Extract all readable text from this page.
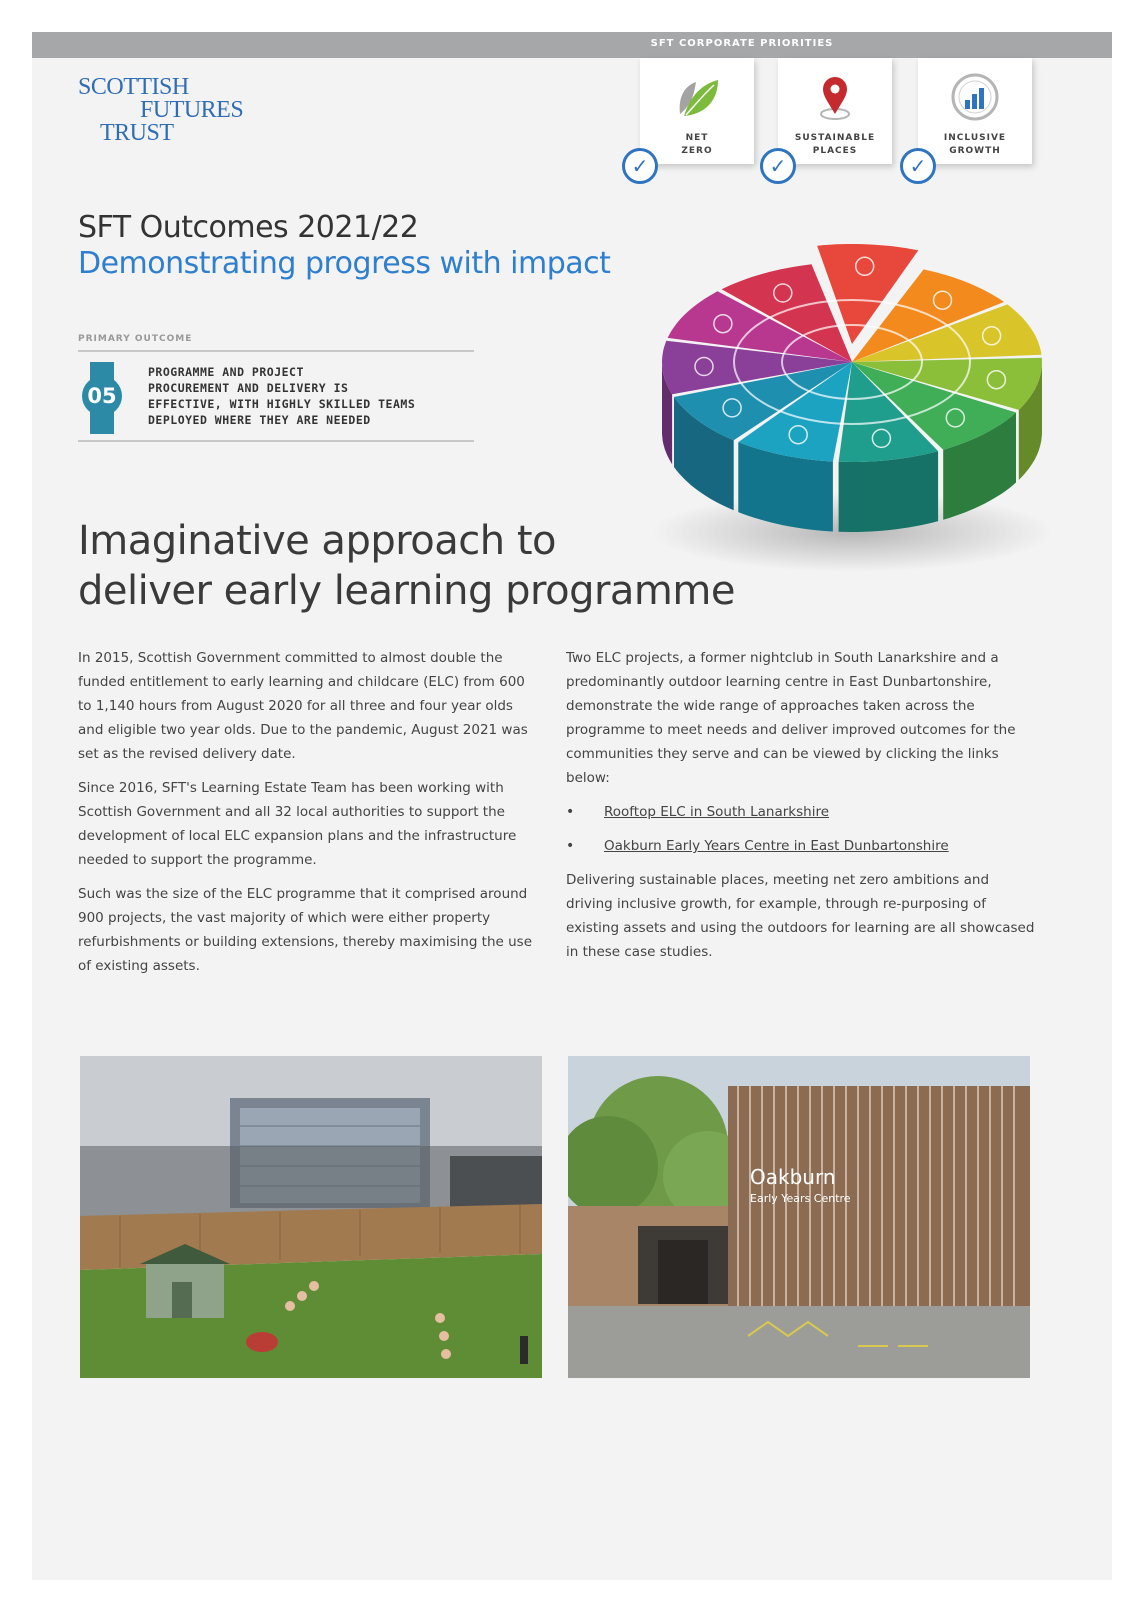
SFT CORPORATE PRIORITIES
SCOTTISH
FUTURES
TRUST	NET
ZERO
✓
SUSTAINABLE
PLACES
✓
INCLUSIVE
GROWTH
✓
SFT Outcomes 2021/22
Demonstrating progress with impact
PRIMARY OUTCOME
05
PROGRAMME AND PROJECT
PROCUREMENT AND DELIVERY IS
EFFECTIVE, WITH HIGHLY SKILLED TEAMS
DEPLOYED WHERE THEY ARE NEEDED
Imaginative approach to
deliver early learning programme

In 2015, Scottish Government committed to almost double the funded entitlement to early learning and childcare (ELC) from 600 to 1,140 hours from August 2020 for all three and four year olds and eligible two year olds. Due to the pandemic, August 2021 was set as the revised delivery date.

Since 2016, SFT's Learning Estate Team has been working with Scottish Government and all 32 local authorities to support the development of local ELC expansion plans and the infrastructure needed to support the programme.

Such was the size of the ELC programme that it comprised around 900 projects, the vast majority of which were either property refurbishments or building extensions, thereby maximising the use of existing assets.

Two ELC projects, a former nightclub in South Lanarkshire and a predominantly outdoor learning centre in East Dunbartonshire, demonstrate the wide range of approaches taken across the programme to meet needs and deliver improved outcomes for the communities they serve and can be viewed by clicking the links below:

• Rooftop ELC in South Lanarkshire
• Oakburn Early Years Centre in East Dunbartonshire

Delivering sustainable places, meeting net zero ambitions and driving inclusive growth, for example, through re-purposing of existing assets and using the outdoors for learning are all showcased in these case studies.

Oakburn
Early Years Centre
